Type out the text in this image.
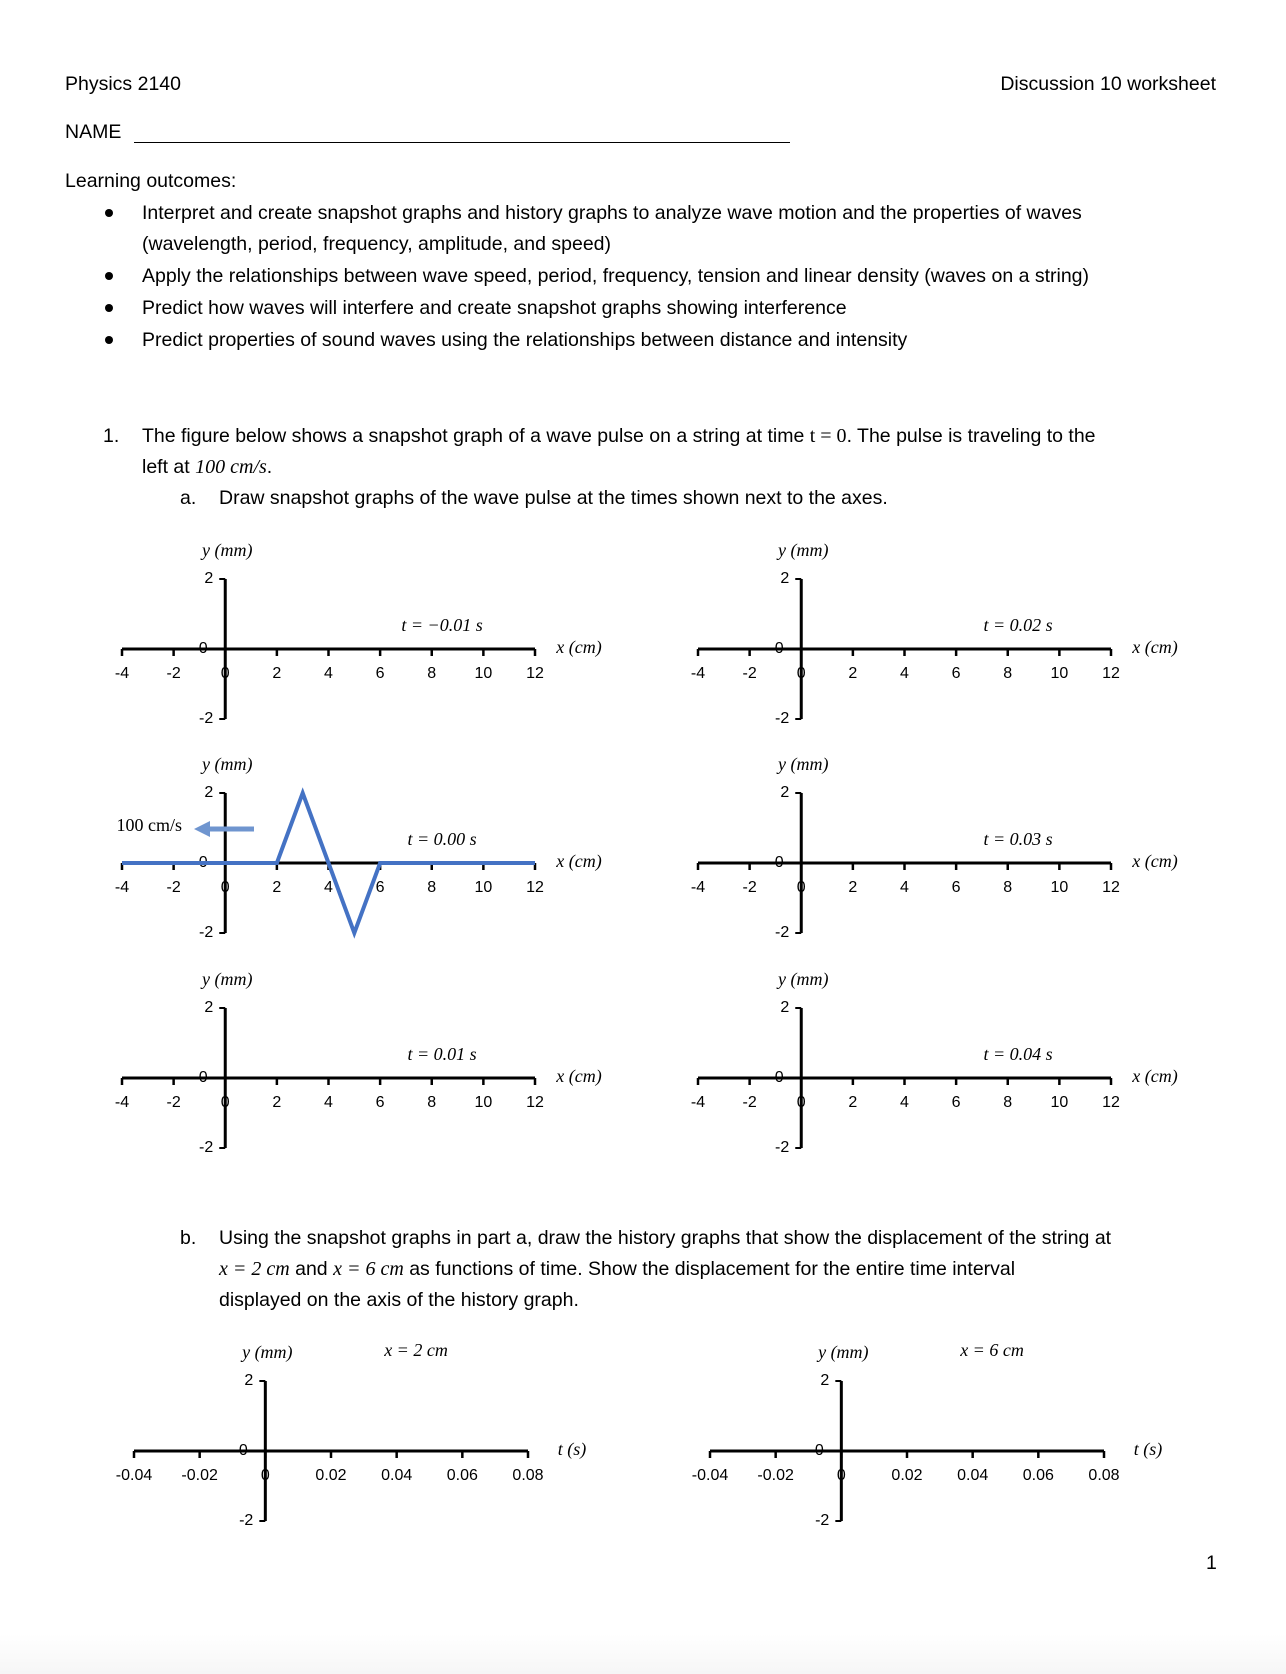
Physics 2140	Discussion 10 worksheet
NAME
Learning outcomes:
Interpret and create snapshot graphs and history graphs to analyze wave motion and the properties of waves
(wavelength, period, frequency, amplitude, and speed)
Apply the relationships between wave speed, period, frequency, tension and linear density (waves on a string)
Predict how waves will interfere and create snapshot graphs showing interference
Predict properties of sound waves using the relationships between distance and intensity
1. The figure below shows a snapshot graph of a wave pulse on a string at time t = 0. The pulse is traveling to the
left at 100 cm/s.
a. Draw snapshot graphs of the wave pulse at the times shown next to the axes.
b. Using the snapshot graphs in part a, draw the history graphs that show the displacement of the string at
x = 2 cm and x = 6 cm as functions of time. Show the displacement for the entire time interval
displayed on the axis of the history graph.
1
-4 -2	0	2	4	6	8 10 12
2
0
-2
y (mm)
x (cm)
t = −0.01 s
-4 -2	0	2	4	6	8 10 12
2
0
-2
y (mm)
x (cm)
t = 0.02 s
-4 -2	0	2	4	6	8 10 12
2
0
-2
y (mm)
x (cm)
t = 0.00 s
100 cm/s
-4 -2	0	2	4	6	8 10 12
2
0
-2
y (mm)
x (cm)
t = 0.03 s
-4 -2	0	2	4	6	8 10 12
2
0
-2
y (mm)
x (cm)
t = 0.01 s
-4 -2	0	2	4	6	8 10 12
2
0
-2
y (mm)
x (cm)
t = 0.04 s
-0.04 -0.02	0	0.02 0.04 0.06 0.08
2
0
-2
y (mm)
t (s)
x = 2 cm
-0.04 -0.02	0	0.02 0.04 0.06 0.08
2
0
-2
y (mm)
t (s)
x = 6 cm
